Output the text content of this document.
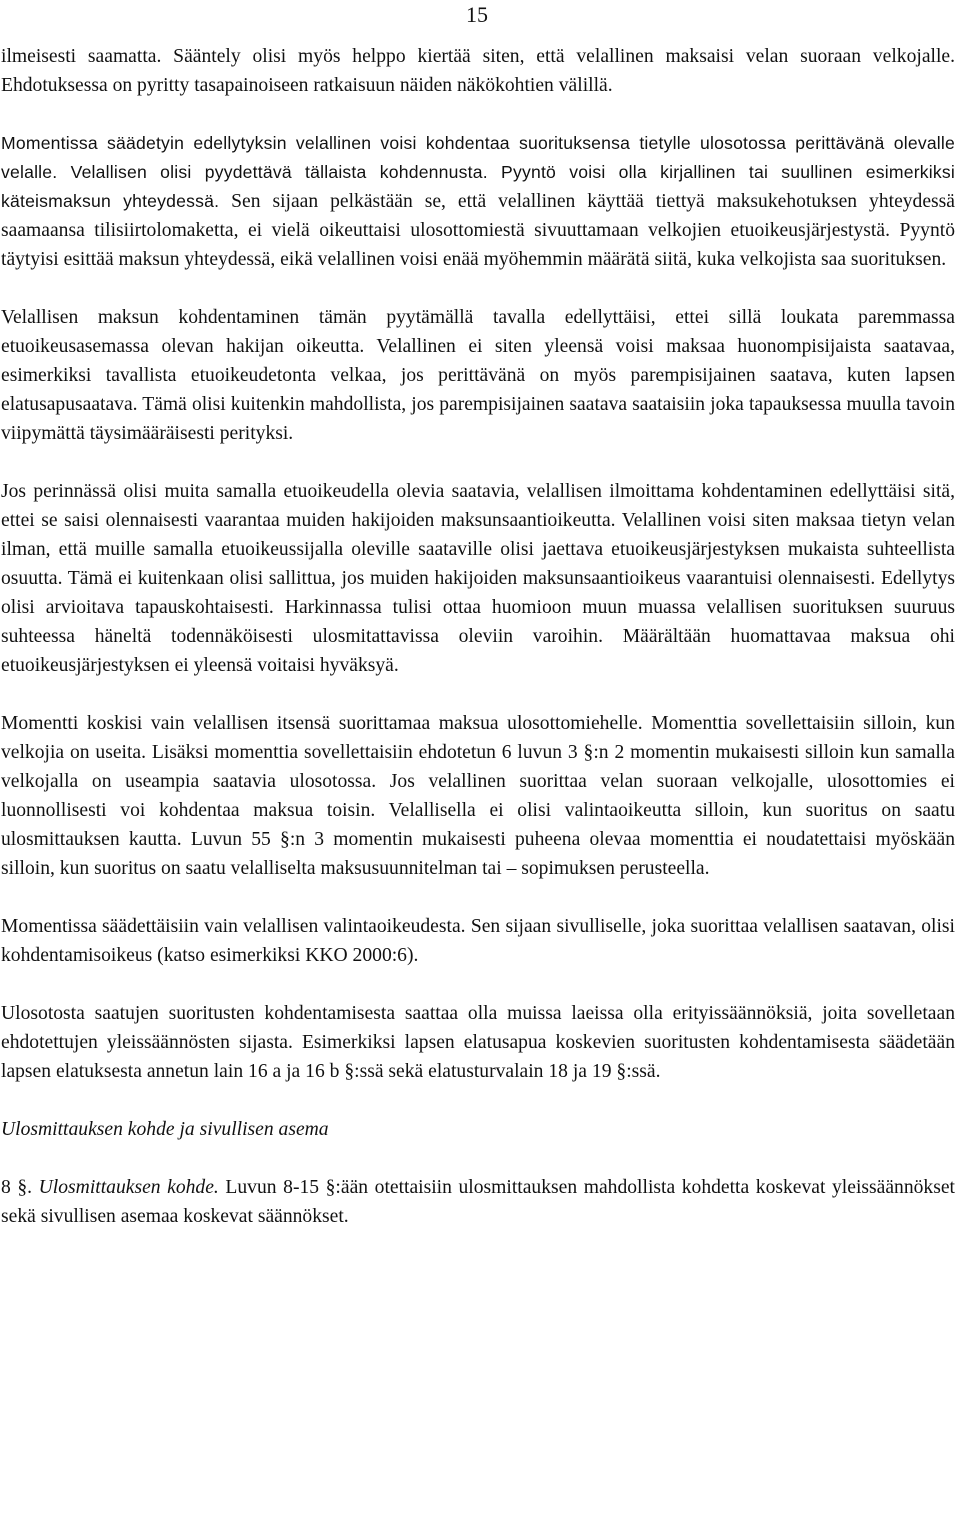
15

ilmeisesti saamatta. Sääntely olisi myös helppo kiertää siten, että velallinen maksaisi velan suoraan velkojalle. Ehdotuksessa on pyritty tasapainoiseen ratkaisuun näiden näkökohtien välillä.

Momentissa säädetyin edellytyksin velallinen voisi kohdentaa suorituksensa tietylle ulosotossa perittävänä olevalle velalle. Velallisen olisi pyydettävä tällaista kohdennusta. Pyyntö voisi olla kirjallinen tai suullinen esimerkiksi käteismaksun yhteydessä. Sen sijaan pelkästään se, että velallinen käyttää tiettyä maksukehotuksen yhteydessä saamaansa tilisiirtolomaketta, ei vielä oikeuttaisi ulosottomiestä sivuuttamaan velkojien etuoikeusjärjestystä. Pyyntö täytyisi esittää maksun yhteydessä, eikä velallinen voisi enää myöhemmin määrätä siitä, kuka velkojista saa suorituksen.

Velallisen maksun kohdentaminen tämän pyytämällä tavalla edellyttäisi, ettei sillä loukata paremmassa etuoikeusasemassa olevan hakijan oikeutta. Velallinen ei siten yleensä voisi maksaa huonompisijaista saatavaa, esimerkiksi tavallista etuoikeudetonta velkaa, jos perittävänä on myös parempisijainen saatava, kuten lapsen elatusapusaatava. Tämä olisi kuitenkin mahdollista, jos parempisijainen saatava saataisiin joka tapauksessa muulla tavoin viipymättä täysimääräisesti perityksi.

Jos perinnässä olisi muita samalla etuoikeudella olevia saatavia, velallisen ilmoittama kohdentaminen edellyttäisi sitä, ettei se saisi olennaisesti vaarantaa muiden hakijoiden maksunsaantioikeutta. Velallinen voisi siten maksaa tietyn velan ilman, että muille samalla etuoikeussijalla oleville saataville olisi jaettava etuoikeusjärjestyksen mukaista suhteellista osuutta. Tämä ei kuitenkaan olisi sallittua, jos muiden hakijoiden maksunsaantioikeus vaarantuisi olennaisesti. Edellytys olisi arvioitava tapauskohtaisesti. Harkinnassa tulisi ottaa huomioon muun muassa velallisen suorituksen suuruus suhteessa häneltä todennäköisesti ulosmitattavissa oleviin varoihin. Määrältään huomattavaa maksua ohi etuoikeusjärjestyksen ei yleensä voitaisi hyväksyä.

Momentti koskisi vain velallisen itsensä suorittamaa maksua ulosottomiehelle. Momenttia sovellettaisiin silloin, kun velkojia on useita. Lisäksi momenttia sovellettaisiin ehdotetun 6 luvun 3 §:n 2 momentin mukaisesti silloin kun samalla velkojalla on useampia saatavia ulosotossa. Jos velallinen suorittaa velan suoraan velkojalle, ulosottomies ei luonnollisesti voi kohdentaa maksua toisin. Velallisella ei olisi valintaoikeutta silloin, kun suoritus on saatu ulosmittauksen kautta. Luvun 55 §:n 3 momentin mukaisesti puheena olevaa momenttia ei noudatettaisi myöskään silloin, kun suoritus on saatu velalliselta maksusuunnitelman tai – sopimuksen perusteella.

Momentissa säädettäisiin vain velallisen valintaoikeudesta. Sen sijaan sivulliselle, joka suorittaa velallisen saatavan, olisi kohdentamisoikeus (katso esimerkiksi KKO 2000:6).

Ulosotosta saatujen suoritusten kohdentamisesta saattaa olla muissa laeissa olla erityissäännöksiä, joita sovelletaan ehdotettujen yleissäännösten sijasta. Esimerkiksi lapsen elatusapua koskevien suoritusten kohdentamisesta säädetään lapsen elatuksesta annetun lain 16 a ja 16 b §:ssä sekä elatusturvalain 18 ja 19 §:ssä.

Ulosmittauksen kohde ja sivullisen asema

8 §. Ulosmittauksen kohde. Luvun 8-15 §:ään otettaisiin ulosmittauksen mahdollista kohdetta koskevat yleissäännökset sekä sivullisen asemaa koskevat säännökset.
